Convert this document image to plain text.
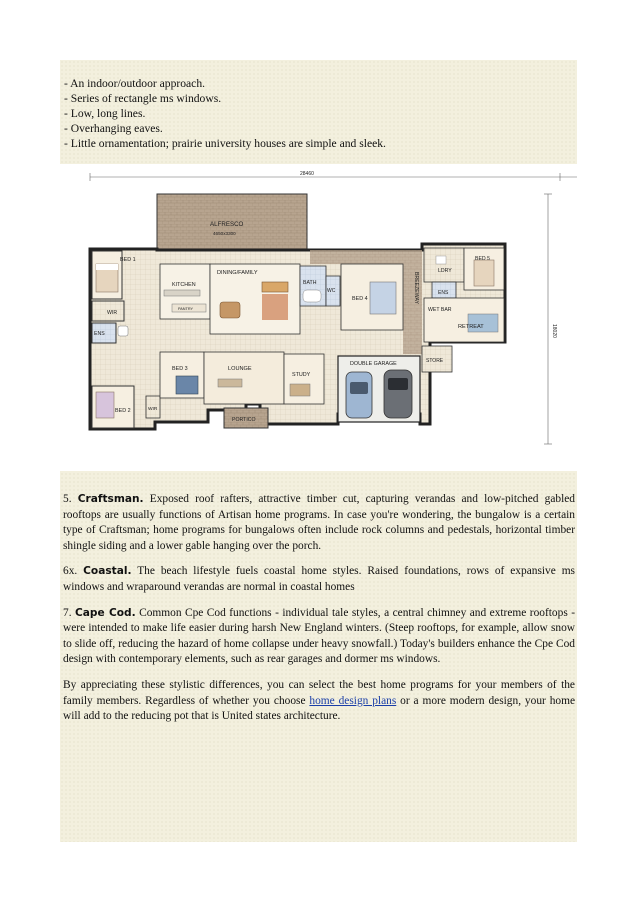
- An indoor/outdoor approach.
- Series of rectangle ms windows.
- Low, long lines.
- Overhanging eaves.
- Little ornamentation; prairie university houses are simple and sleek.
28460
18020
ALFRESCO
4650x3300
BREEZEWAY
BED 1
WIR
ENS
BED 2	WIR
KITCHEN
PANTRY
DINING/FAMILY
BATH
WC
BED 4
BED 3	LOUNGE
STUDY
PORTICO
DOUBLE GARAGE	STORE
LDRY
BED 5
ENS
WET BAR
RETREAT

5. Craftsman. Exposed roof rafters, attractive timber cut, capturing verandas and low-pitched gabled rooftops are usually functions of Artisan home programs. In case you're wondering, the bungalow is a certain type of Craftsman; home programs for bungalows often include rock columns and pedestals, horizontal timber shingle siding and a lower gable hanging over the porch.

6x. Coastal. The beach lifestyle fuels coastal home styles. Raised foundations, rows of expansive ms windows and wraparound verandas are normal in coastal homes

7. Cape Cod. Common Cpe Cod functions - individual tale styles, a central chimney and extreme rooftops - were intended to make life easier during harsh New England winters. (Steep rooftops, for example, allow snow to slide off, reducing the hazard of home collapse under heavy snowfall.) Today's builders enhance the Cpe Cod design with contemporary elements, such as rear garages and dormer ms windows.

By appreciating these stylistic differences, you can select the best home programs for your members of the family members. Regardless of whether you choose home design plans or a more modern design, your home will add to the reducing pot that is United states architecture.
